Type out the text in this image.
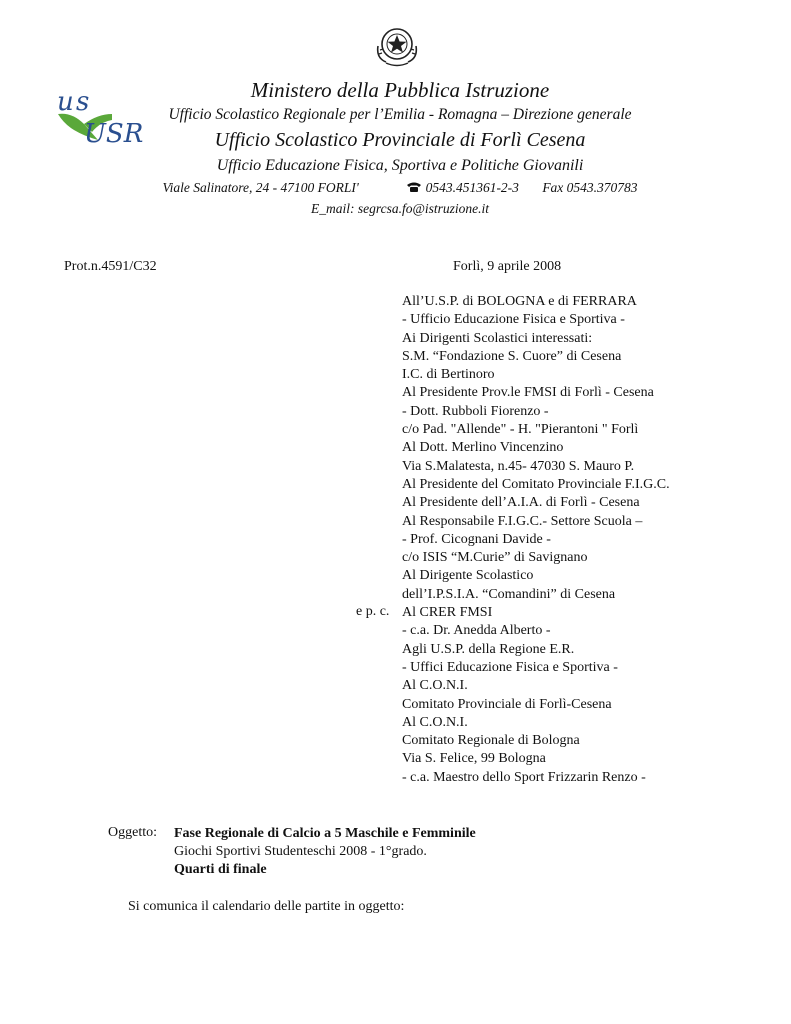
u s
USR
Ministero della Pubblica Istruzione
Ufficio Scolastico Regionale per l’Emilia - Romagna – Direzione generale
Ufficio Scolastico Provinciale di Forlì Cesena
Ufficio Educazione Fisica, Sportiva e Politiche Giovanili
Viale Salinatore, 24 - 47100 FORLI'	0543.451361-2-3 Fax 0543.370783
E_mail: segrcsa.fo@istruzione.it
Prot.n.4591/C32	Forlì, 9 aprile 2008
All’U.S.P. di BOLOGNA e di FERRARA
- Ufficio Educazione Fisica e Sportiva -
Ai Dirigenti Scolastici interessati:
S.M. “Fondazione S. Cuore” di Cesena
I.C. di Bertinoro
Al Presidente Prov.le FMSI di Forlì - Cesena
- Dott. Rubboli Fiorenzo -
c/o Pad. "Allende" - H. "Pierantoni " Forlì
Al Dott. Merlino Vincenzino
Via S.Malatesta, n.45- 47030 S. Mauro P.
Al Presidente del Comitato Provinciale F.I.G.C.
Al Presidente dell’A.I.A. di Forlì - Cesena
Al Responsabile F.I.G.C.- Settore Scuola –
- Prof. Cicognani Davide -
c/o ISIS “M.Curie” di Savignano
Al Dirigente Scolastico
dell’I.P.S.I.A. “Comandini” di Cesena
Al CRER FMSI
- c.a. Dr. Anedda Alberto -
Agli U.S.P. della Regione E.R.
- Uffici Educazione Fisica e Sportiva -
Al C.O.N.I.
Comitato Provinciale di Forlì-Cesena
Al C.O.N.I.
Comitato Regionale di Bologna
Via S. Felice, 99 Bologna
- c.a. Maestro dello Sport Frizzarin Renzo -
e p. c.
Oggetto: Fase Regionale di Calcio a 5 Maschile e Femminile
Giochi Sportivi Studenteschi 2008 - 1°grado.
Quarti di finale
Si comunica il calendario delle partite in oggetto:
